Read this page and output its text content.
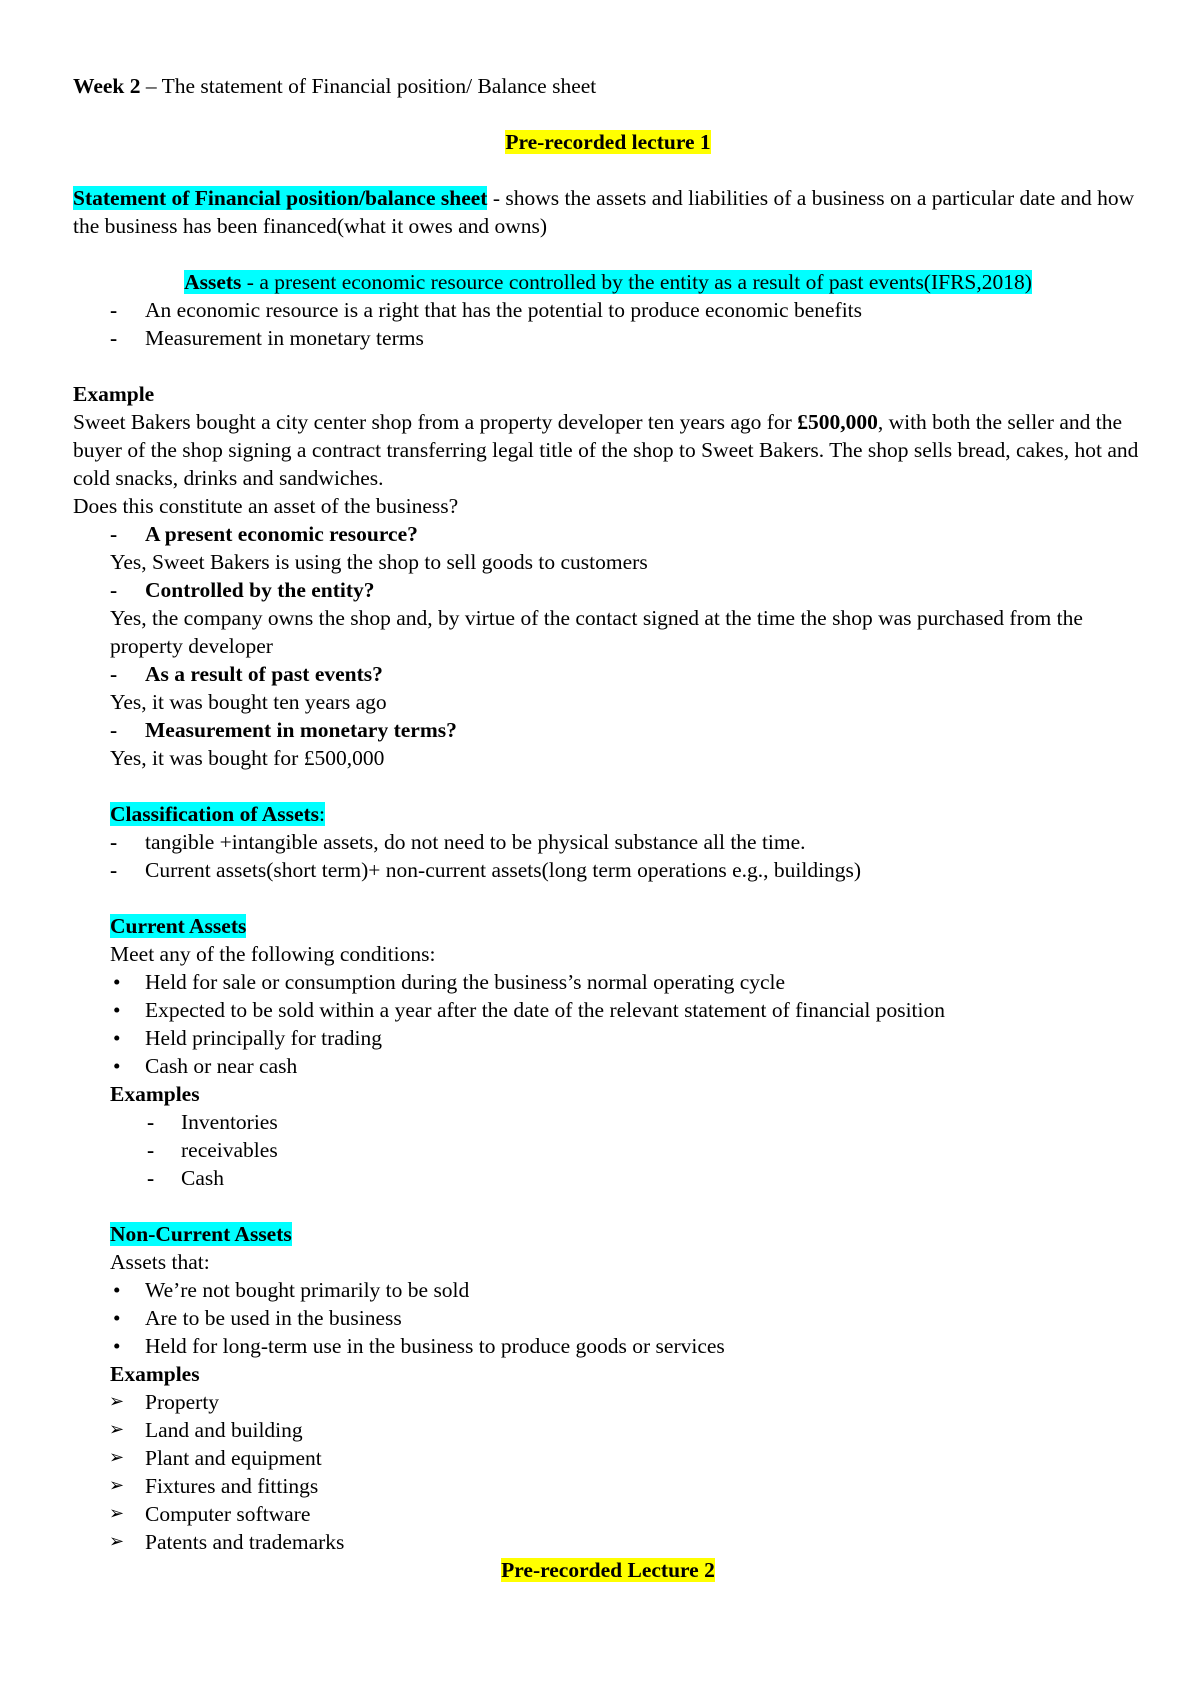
Week 2 – The statement of Financial position/ Balance sheet

Pre-recorded lecture 1

Statement of Financial position/balance sheet - shows the assets and liabilities of a business on a particular date and how the business has been financed(what it owes and owns)

Assets - a present economic resource controlled by the entity as a result of past events(IFRS,2018)

- An economic resource is a right that has the potential to produce economic benefits
- Measurement in monetary terms

Example

Sweet Bakers bought a city center shop from a property developer ten years ago for £500,000, with both the seller and the buyer of the shop signing a contract transferring legal title of the shop to Sweet Bakers. The shop sells bread, cakes, hot and cold snacks, drinks and sandwiches.

Does this constitute an asset of the business?

- A present economic resource?

Yes, Sweet Bakers is using the shop to sell goods to customers

- Controlled by the entity?

Yes, the company owns the shop and, by virtue of the contact signed at the time the shop was purchased from the property developer

- As a result of past events?

Yes, it was bought ten years ago

- Measurement in monetary terms?

Yes, it was bought for £500,000

Classification of Assets:

- tangible +intangible assets, do not need to be physical substance all the time.
- Current assets(short term)+ non-current assets(long term operations e.g., buildings)

Current Assets

Meet any of the following conditions:

• Held for sale or consumption during the business’s normal operating cycle
• Expected to be sold within a year after the date of the relevant statement of financial position
• Held principally for trading
• Cash or near cash

Examples

- Inventories
- receivables
- Cash

Non-Current Assets

Assets that:

• We’re not bought primarily to be sold
• Are to be used in the business
• Held for long-term use in the business to produce goods or services

Examples

➢ Property
➢ Land and building
➢ Plant and equipment
➢ Fixtures and fittings
➢ Computer software
➢ Patents and trademarks

Pre-recorded Lecture 2
